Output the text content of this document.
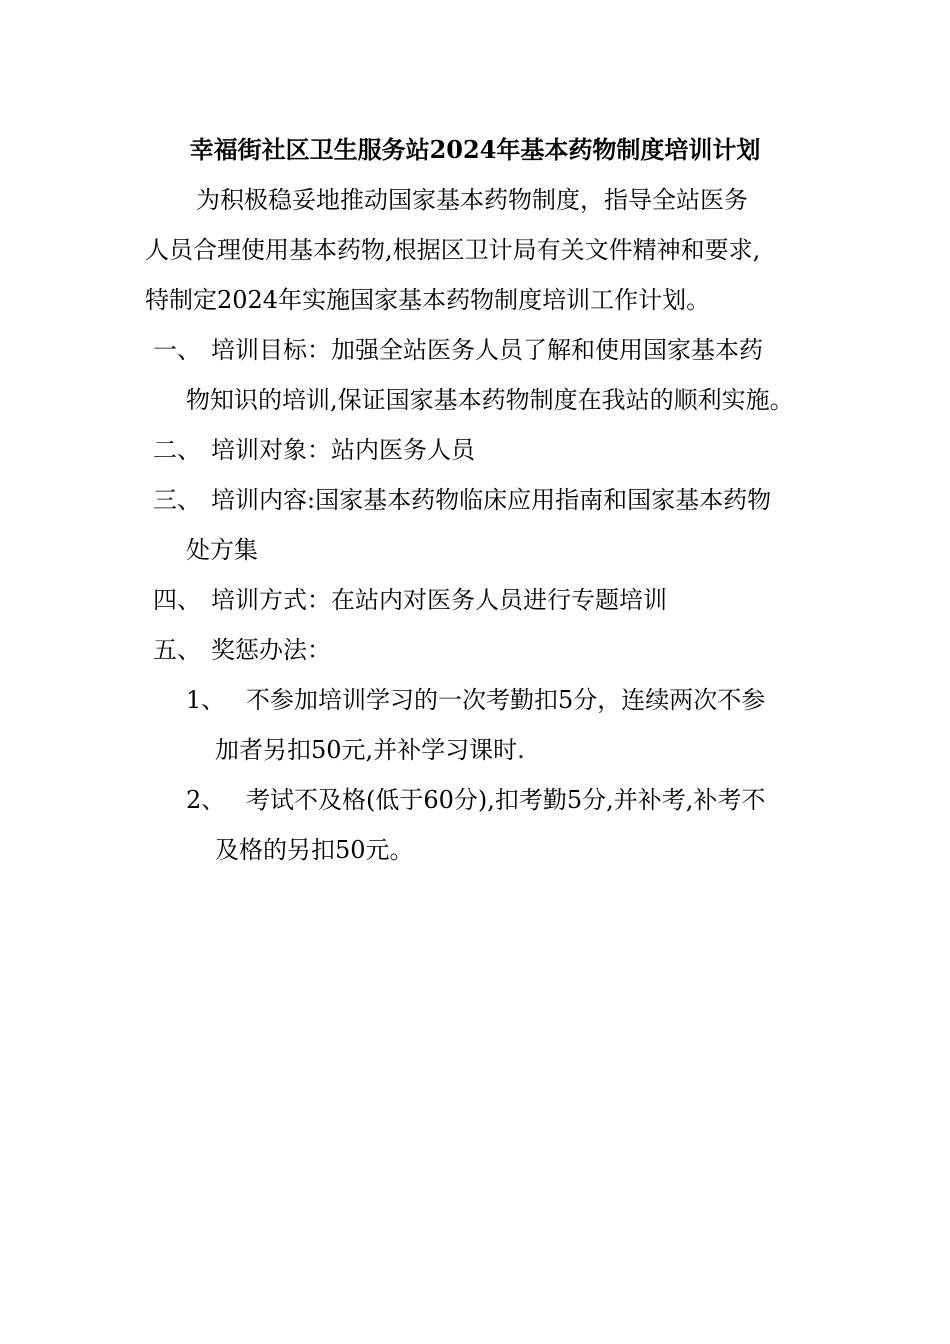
幸福街社区卫生服务站2024年基本药物制度培训计划
为积极稳妥地推动国家基本药物制度，指导全站医务
人员合理使用基本药物,根据区卫计局有关文件精神和要求,
特制定2024年实施国家基本药物制度培训工作计划。
一、 培训目标：加强全站医务人员了解和使用国家基本药
物知识的培训,保证国家基本药物制度在我站的顺利实施。
二、 培训对象：站内医务人员
三、 培训内容:国家基本药物临床应用指南和国家基本药物
处方集
四、 培训方式：在站内对医务人员进行专题培训
五、 奖惩办法：
1、 不参加培训学习的一次考勤扣5分，连续两次不参
加者另扣50元,并补学习课时.
2、 考试不及格(低于60分),扣考勤5分,并补考,补考不
及格的另扣50元。
